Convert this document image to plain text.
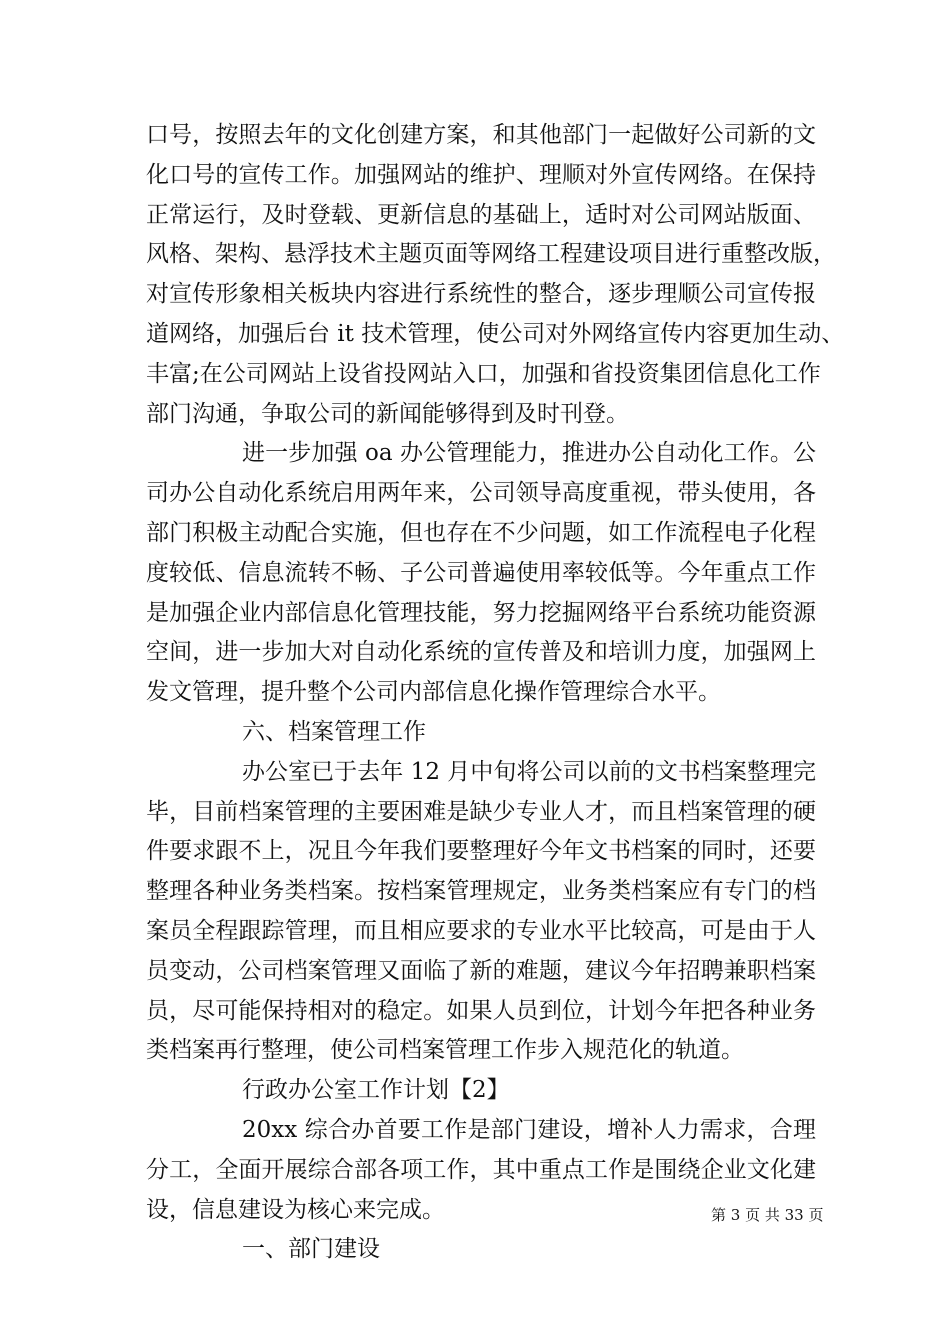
口号，按照去年的文化创建方案，和其他部门一起做好公司新的文

化口号的宣传工作。加强网站的维护、理顺对外宣传网络。在保持

正常运行，及时登载、更新信息的基础上，适时对公司网站版面、

风格、架构、悬浮技术主题页面等网络工程建设项目进行重整改版，

对宣传形象相关板块内容进行系统性的整合，逐步理顺公司宣传报

道网络，加强后台 it 技术管理，使公司对外网络宣传内容更加生动、

丰富;在公司网站上设省投网站入口，加强和省投资集团信息化工作

部门沟通，争取公司的新闻能够得到及时刊登。

进一步加强 oa 办公管理能力，推进办公自动化工作。公

司办公自动化系统启用两年来，公司领导高度重视，带头使用，各

部门积极主动配合实施，但也存在不少问题，如工作流程电子化程

度较低、信息流转不畅、子公司普遍使用率较低等。今年重点工作

是加强企业内部信息化管理技能，努力挖掘网络平台系统功能资源

空间，进一步加大对自动化系统的宣传普及和培训力度，加强网上

发文管理，提升整个公司内部信息化操作管理综合水平。

六、档案管理工作

办公室已于去年 12 月中旬将公司以前的文书档案整理完

毕，目前档案管理的主要困难是缺少专业人才，而且档案管理的硬

件要求跟不上，况且今年我们要整理好今年文书档案的同时，还要

整理各种业务类档案。按档案管理规定，业务类档案应有专门的档

案员全程跟踪管理，而且相应要求的专业水平比较高，可是由于人

员变动，公司档案管理又面临了新的难题，建议今年招聘兼职档案

员，尽可能保持相对的稳定。如果人员到位，计划今年把各种业务

类档案再行整理，使公司档案管理工作步入规范化的轨道。

行政办公室工作计划【2】

20xx 综合办首要工作是部门建设，增补人力需求，合理

分工，全面开展综合部各项工作，其中重点工作是围绕企业文化建

设，信息建设为核心来完成。

一、部门建设

第 3 页 共 33 页
